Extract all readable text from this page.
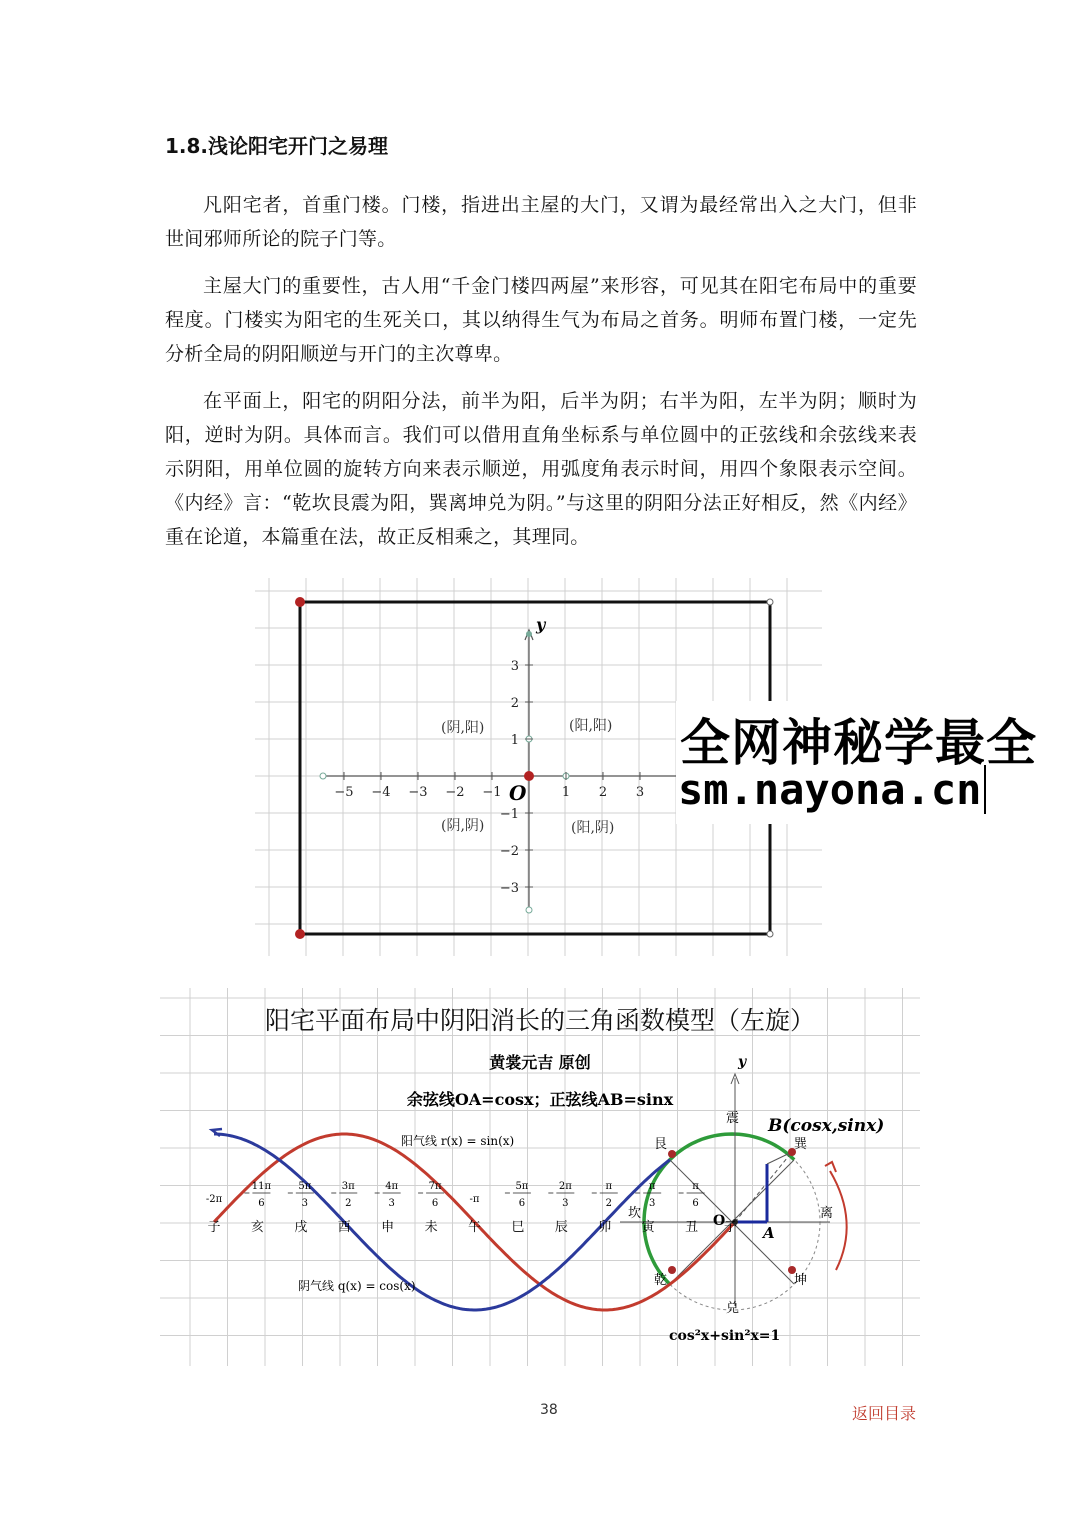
1.8.浅论阳宅开门之易理

凡阳宅者，首重门楼。门楼，指进出主屋的大门，又谓为最经常出入之大门，但非世间邪师所论的院子门等。

主屋大门的重要性，古人用“千金门楼四两屋”来形容，可见其在阳宅布局中的重要程度。门楼实为阳宅的生死关口，其以纳得生气为布局之首务。明师布置门楼，一定先分析全局的阴阳顺逆与开门的主次尊卑。

在平面上，阳宅的阴阳分法，前半为阳，后半为阴；右半为阳，左半为阴；顺时为阳，逆时为阴。具体而言。我们可以借用直角坐标系与单位圆中的正弦线和余弦线来表示阴阳，用单位圆的旋转方向来表示顺逆，用弧度角表示时间，用四个象限表示空间。《内经》言：“乾坎艮震为阳，巽离坤兑为阴。”与这里的阴阳分法正好相反，然《内经》重在论道，本篇重在法，故正反相乘之，其理同。

y
O
−5 −4 −3 −2 −1	1 2 3
3
2
1
−1
−2
−3
(阴,阳)	(阳,阳)
(阴,阴)	(阳,阴)
阳宅平面布局中阴阳消长的三角函数模型（左旋）
黄裳元吉 原创
余弦线OA=cosx；正弦线AB=sinx
B(cosx,sinx)
A
O
子
y
震
艮	巽
坎	离
乾	坤
兑
阳气线 r(x) = sin(x)
阴气线 q(x) = cos(x)
cos²x+sin²x=1
-2π
11π
6
5π
3
3π
2
4π
3
7π
6	-π
5π
6
2π
3
π
2
π
3
π
6
子 亥 戌 酉 申 未 午 巳 辰 卯 寅 丑
全网神秘学最全
sm.nayona.cn
38	返回目录
